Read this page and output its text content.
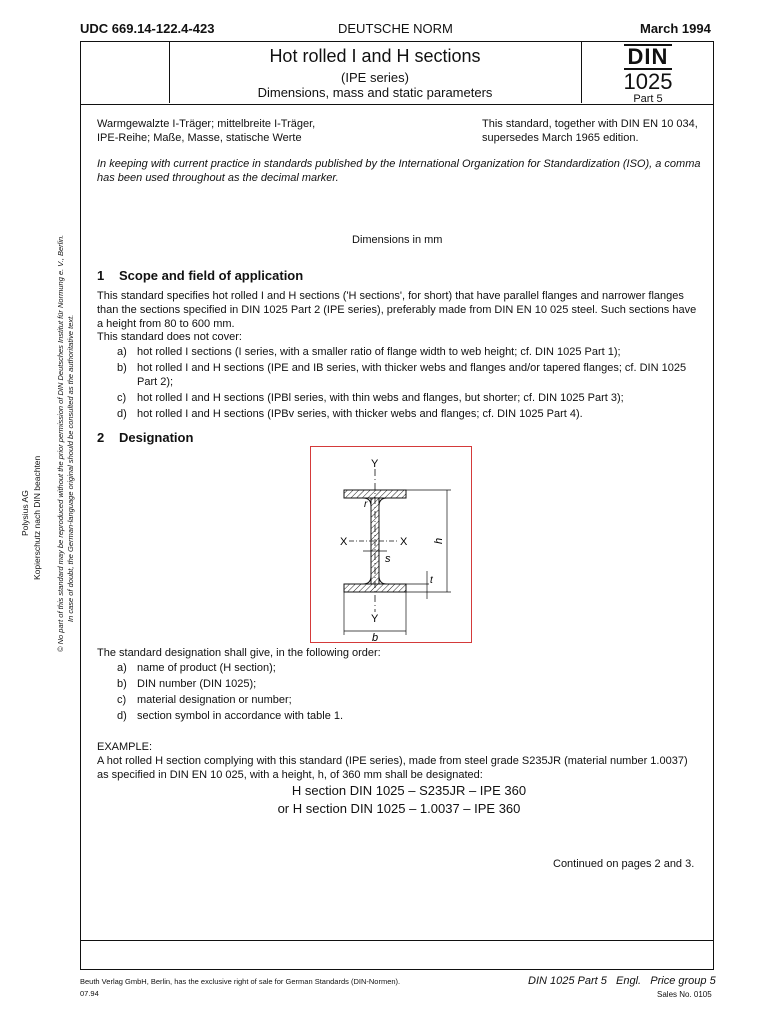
UDC 669.14-122.4-423	DEUTSCHE NORM	March 1994
Hot rolled I and H sections
(IPE series)
Dimensions, mass and static parameters
DIN
1025
Part 5
Warmgewalzte I-Träger; mittelbreite I-Träger,
IPE-Reihe; Maße, Masse, statische Werte
This standard, together with DIN EN 10 034,
supersedes March 1965 edition.
In keeping with current practice in standards published by the International Organization for Standardization (ISO), a comma has been used throughout as the decimal marker.
Dimensions in mm
1 Scope and field of application
This standard specifies hot rolled I and H sections ('H sections', for short) that have parallel flanges and narrower flanges than the sections specified in DIN 1025 Part 2 (IPE series), preferably made from DIN EN 10 025 steel. Such sections have a height from 80 to 600 mm.
This standard does not cover:
a) hot rolled I sections (I series, with a smaller ratio of flange width to web height; cf. DIN 1025 Part 1);
b) hot rolled I and H sections (IPE and IB series, with thicker webs and flanges and/or tapered flanges; cf. DIN 1025 Part 2);
c) hot rolled I and H sections (IPBl series, with thin webs and flanges, but shorter; cf. DIN 1025 Part 3);
d) hot rolled I and H sections (IPBv series, with thicker webs and flanges; cf. DIN 1025 Part 4).
2 Designation
Y
Y
X	X
r
s
h
t
b
The standard designation shall give, in the following order:
a) name of product (H section);
b) DIN number (DIN 1025);
c) material designation or number;
d) section symbol in accordance with table 1.
EXAMPLE:
A hot rolled H section complying with this standard (IPE series), made from steel grade S235JR (material number 1.0037) as specified in DIN EN 10 025, with a height, h, of 360 mm shall be designated:
H section DIN 1025 – S235JR – IPE 360
or H section DIN 1025 – 1.0037 – IPE 360
Continued on pages 2 and 3.
Beuth Verlag GmbH, Berlin, has the exclusive right of sale for German Standards (DIN-Normen).
07.94
DIN 1025 Part 5   Engl.   Price group 5
Sales No. 0105
© No part of this standard may be reproduced without the prior permission of DIN Deutsches Institut für Normung e. V., Berlin. In case of doubt, the German-language original should be consulted as the authoritative text.
Polysius AG Kopierschutz nach DIN beachten
